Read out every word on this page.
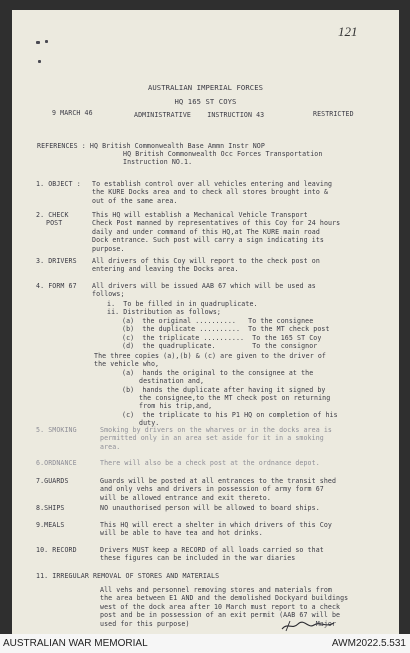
121
AUSTRALIAN IMPERIAL FORCES
HQ 165 ST COYS
9 MARCH 46	ADMINISTRATIVE    INSTRUCTION 43	RESTRICTED
REFERENCES : HQ British Commonwealth Base Ammn Instr NOP
HQ British Commonwealth Occ Forces Transportation
Instruction NO.1.
1. OBJECT : To establish control over all vehicles entering and leaving
the KURE Docks area and to check all stores brought into &
out of the same area.
2. CHECK
POST
This HQ will establish a Mechanical Vehicle Transport
Check Post manned by representatives of this Coy for 24 hours
daily and under command of this HQ,at The KURE main road
Dock entrance. Such post will carry a sign indicating its
purpose.
3. DRIVERS All drivers of this Coy will report to the check post on
entering and leaving the Docks area.
4. FORM 67 All drivers will be issued AAB 67 which will be used as
follows;
i.  To be filled in in quadruplicate.
ii. Distribution as follows;
(a)  the original ..........   To the consignee
(b)  the duplicate ..........  To the MT check post
(c)  the triplicate ..........  To the 165 ST Coy
(d)  the quadruplicate.         To the consignor
The three copies (a),(b) & (c) are given to the driver of
the vehicle who,
(a)  hands the original to the consignee at the
destination and,
(b)  hands the duplicate after having it signed by
the consignee,to the MT check post on returning
from his trip,and,
(c)  the triplicate to his P1 HQ on completion of his
duty.
5. SMOKING	Smoking by drivers on the wharves or in the docks area is
permitted only in an area set aside for it in a smoking
area.
6.ORDNANCE	There will also be a check post at the ordnance depot.
7.GUARDS	Guards will be posted at all entrances to the transit shed
and only vehs and drivers in possession of army form 67
will be allowed entrance and exit thereto.
8.SHIPS	NO unauthorised person will be allowed to board ships.
9.MEALS	This HQ will erect a shelter in which drivers of this Coy
will be able to have tea and hot drinks.
10. RECORD	Drivers MUST keep a RECORD of all loads carried so that
these figures can be included in the war diaries
11. IRREGULAR REMOVAL OF STORES AND MATERIALS
All vehs and personnel removing stores and materials from
the area between E1 AND and the demolished Dockyard buildings
west of the dock area after 10 March must report to a check
post and be in possession of an exit permit (AAB 67 will be
used for this purpose)                               Major
AUSTRALIAN WAR MEMORIAL	AWM2022.5.531
